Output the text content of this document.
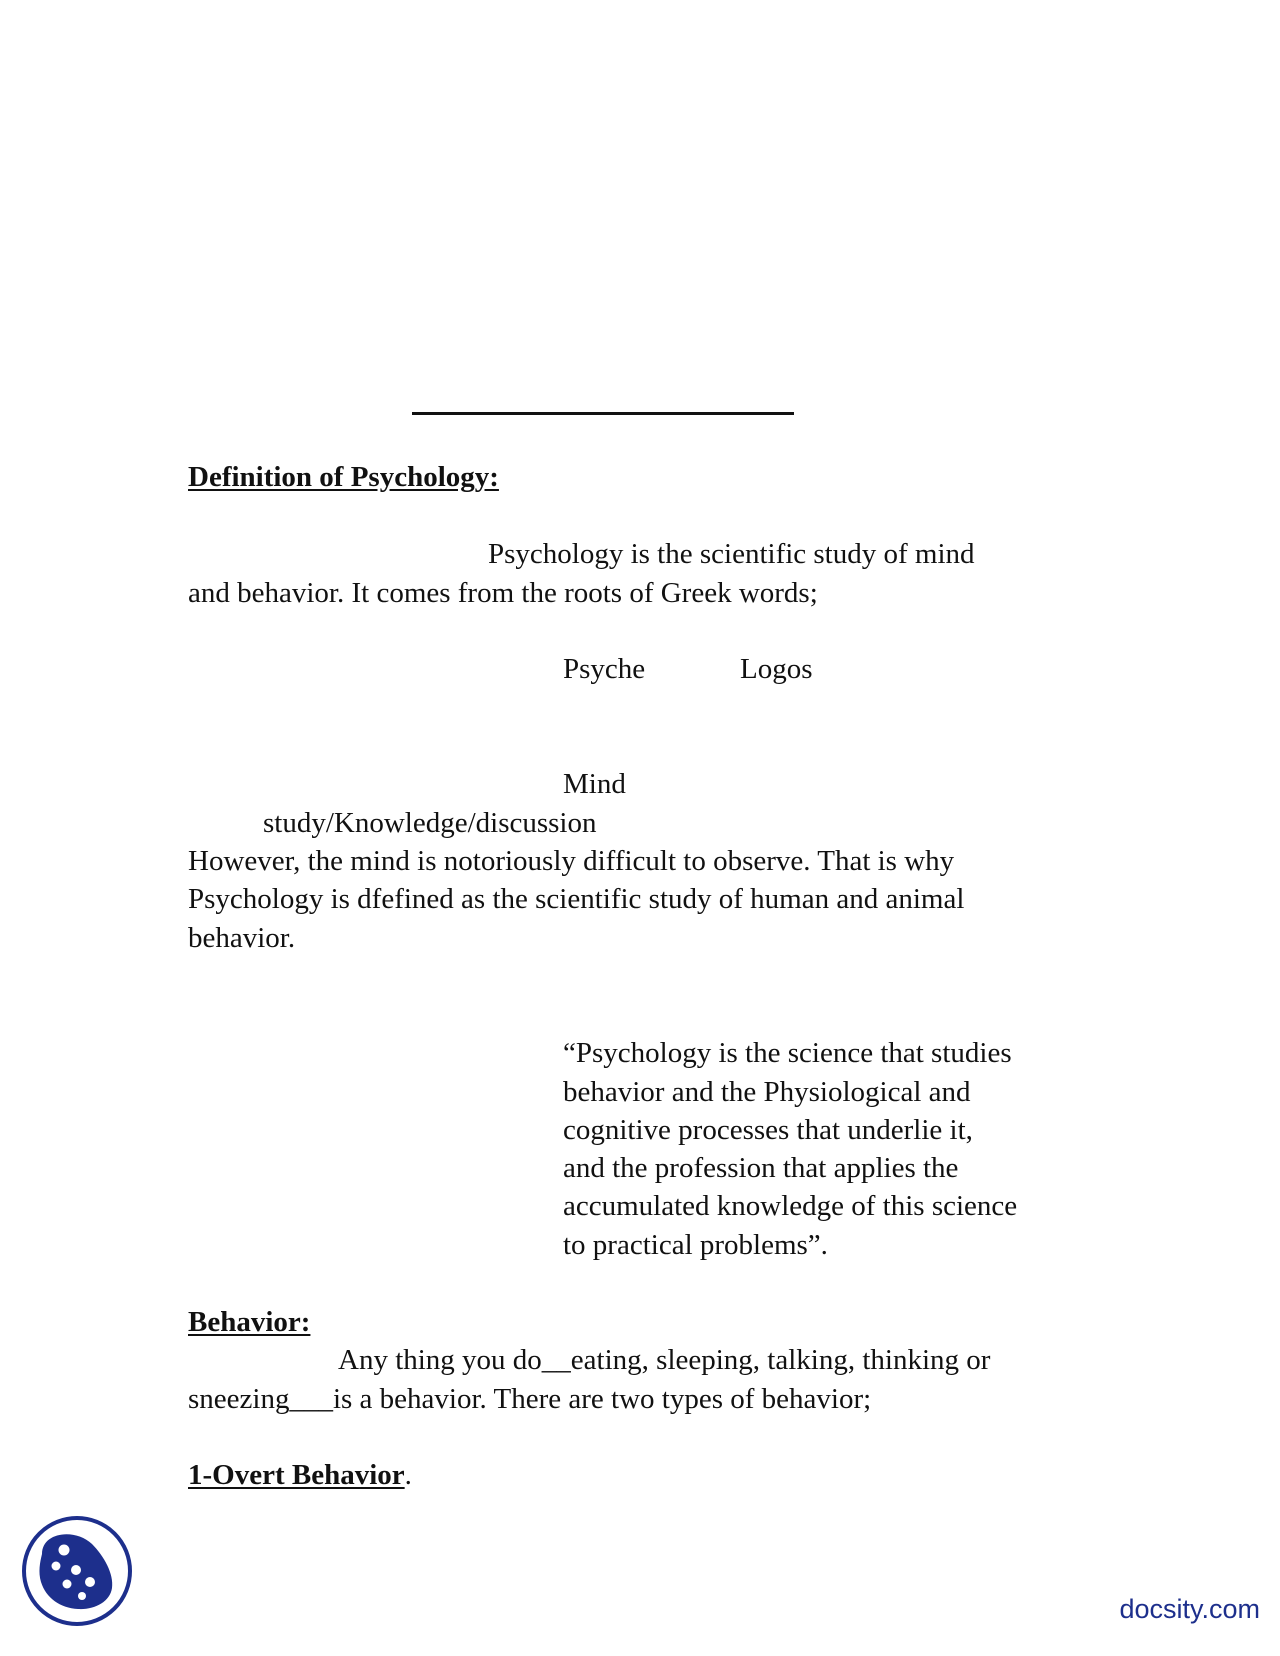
Definition of Psychology:

Psychology is the scientific study of mind

and behavior. It comes from the roots of Greek words;

Psyche	Logos

Mind

study/Knowledge/discussion

However, the mind is notoriously difficult to observe. That is why

Psychology is dfefined as the scientific study of human and animal

behavior.

“Psychology is the science that studies

behavior and the Physiological and

cognitive processes that underlie it,

and the profession that applies the

accumulated knowledge of this science

to practical problems”.

Behavior:

Any thing you do__eating, sleeping, talking, thinking or

sneezing___is a behavior. There are two types of behavior;

1-Overt Behavior.

docsity.com
